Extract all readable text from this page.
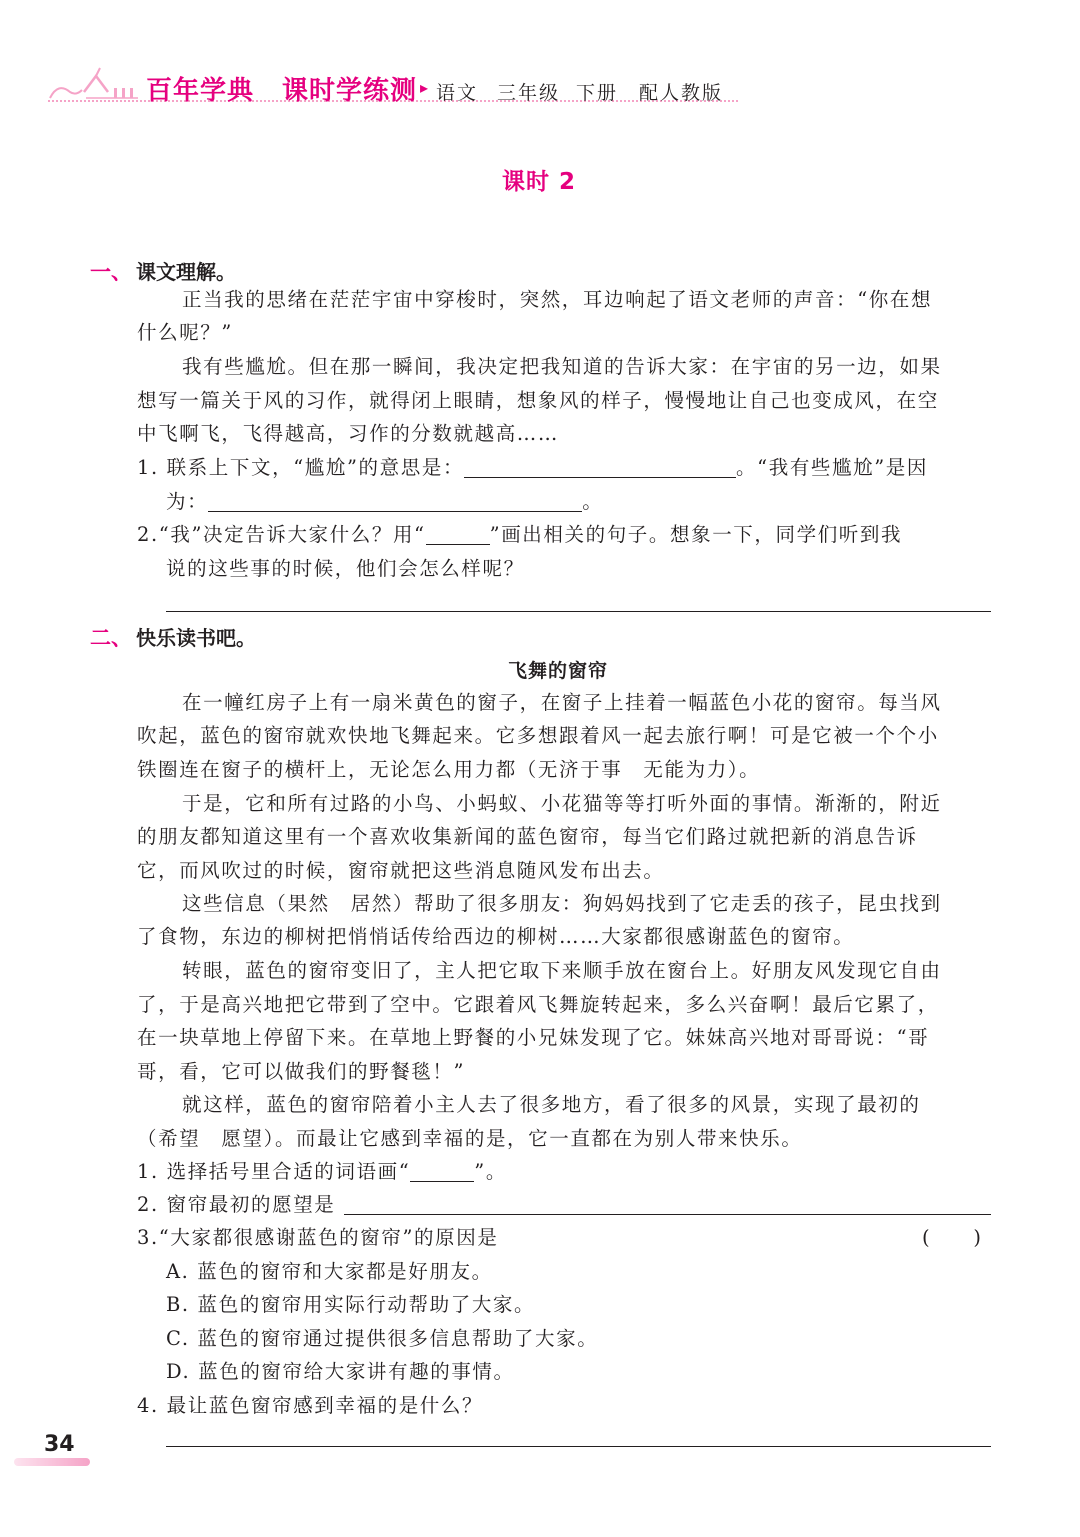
百年学典 课时学练测 ▸ 语文 三年级 下册 配人教版
课时 2
一、 课文理解。
正当我的思绪在茫茫宇宙中穿梭时，突然，耳边响起了语文老师的声音：“你在想
什么呢？”
我有些尴尬。但在那一瞬间，我决定把我知道的告诉大家：在宇宙的另一边，如果
想写一篇关于风的习作，就得闭上眼睛，想象风的样子，慢慢地让自己也变成风，在空
中飞啊飞，飞得越高，习作的分数就越高……
1. 联系上下文，“尴尬”的意思是：	。“我有些尴尬”是因
为：	。
2.“我”决定告诉大家什么？用“	”画出相关的句子。想象一下，同学们听到我
说的这些事的时候，他们会怎么样呢？
二、 快乐读书吧。
飞舞的窗帘
在一幢红房子上有一扇米黄色的窗子，在窗子上挂着一幅蓝色小花的窗帘。每当风
吹起，蓝色的窗帘就欢快地飞舞起来。它多想跟着风一起去旅行啊！可是它被一个个小
铁圈连在窗子的横杆上，无论怎么用力都（无济于事　无能为力）。
于是，它和所有过路的小鸟、小蚂蚁、小花猫等等打听外面的事情。渐渐的，附近
的朋友都知道这里有一个喜欢收集新闻的蓝色窗帘，每当它们路过就把新的消息告诉
它，而风吹过的时候，窗帘就把这些消息随风发布出去。
这些信息（果然　居然）帮助了很多朋友：狗妈妈找到了它走丢的孩子，昆虫找到
了食物，东边的柳树把悄悄话传给西边的柳树……大家都很感谢蓝色的窗帘。
转眼，蓝色的窗帘变旧了，主人把它取下来顺手放在窗台上。好朋友风发现它自由
了，于是高兴地把它带到了空中。它跟着风飞舞旋转起来，多么兴奋啊！最后它累了，
在一块草地上停留下来。在草地上野餐的小兄妹发现了它。妹妹高兴地对哥哥说：“哥
哥，看，它可以做我们的野餐毯！”
就这样，蓝色的窗帘陪着小主人去了很多地方，看了很多的风景，实现了最初的
（希望　愿望）。而最让它感到幸福的是，它一直都在为别人带来快乐。
1. 选择括号里合适的词语画“	”。
2. 窗帘最初的愿望是
3.“大家都很感谢蓝色的窗帘”的原因是	(　　)
A. 蓝色的窗帘和大家都是好朋友。
B. 蓝色的窗帘用实际行动帮助了大家。
C. 蓝色的窗帘通过提供很多信息帮助了大家。
D. 蓝色的窗帘给大家讲有趣的事情。
4. 最让蓝色窗帘感到幸福的是什么？
34
